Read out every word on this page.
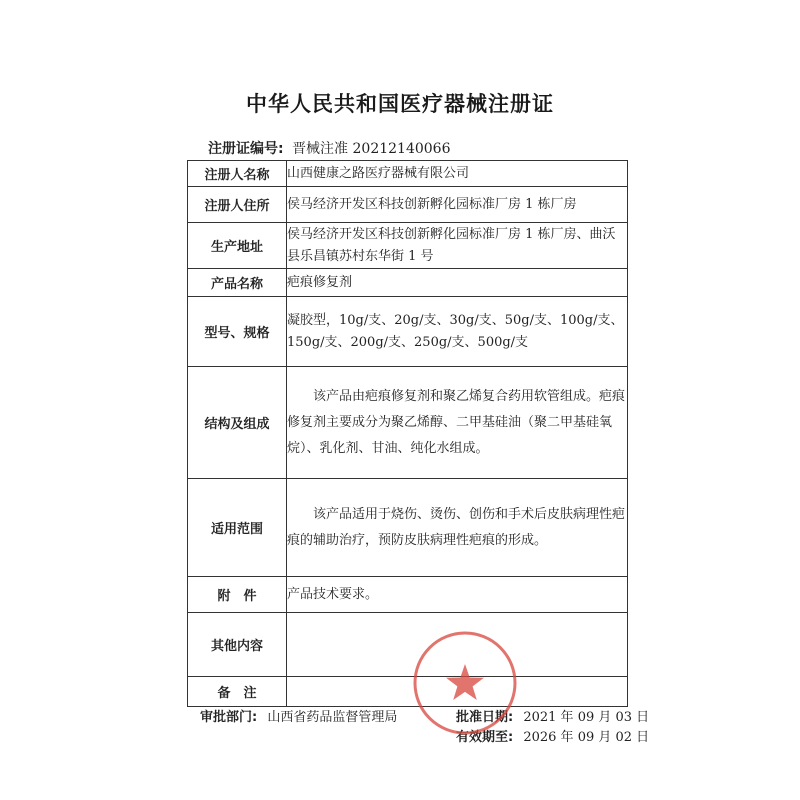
中华人民共和国医疗器械注册证
注册证编号: 晋械注准 20212140066
注册人名称	山西健康之路医疗器械有限公司
注册人住所	侯马经济开发区科技创新孵化园标准厂房 1 栋厂房
生产地址	侯马经济开发区科技创新孵化园标准厂房 1 栋厂房、曲沃县乐昌镇苏村东华街 1 号
产品名称	疤痕修复剂
型号、规格	凝胶型，10g/支、20g/支、30g/支、50g/支、100g/支、150g/支、200g/支、250g/支、500g/支
结构及组成	该产品由疤痕修复剂和聚乙烯复合药用软管组成。疤痕修复剂主要成分为聚乙烯醇、二甲基硅油（聚二甲基硅氧烷）、乳化剂、甘油、纯化水组成。
适用范围	该产品适用于烧伤、烫伤、创伤和手术后皮肤病理性疤痕的辅助治疗，预防皮肤病理性疤痕的形成。
附　件	产品技术要求。
其他内容	
备　注	
审批部门: 山西省药品监督管理局	批准日期: 2021 年 09 月 03 日
有效期至: 2026 年 09 月 02 日
